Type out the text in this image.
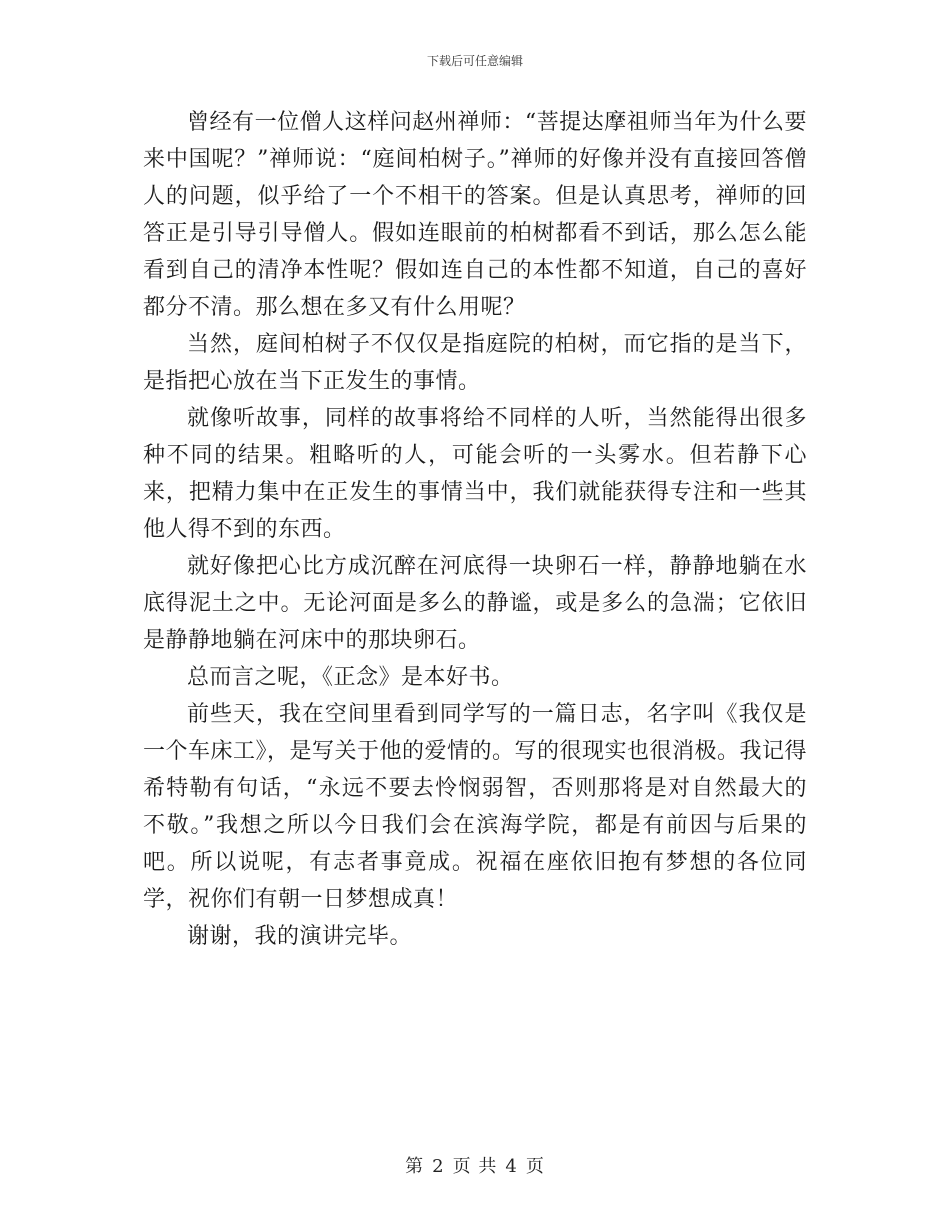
下载后可任意编辑

曾经有一位僧人这样问赵州禅师：“菩提达摩祖师当年为什么要来中国呢？”禅师说：“庭间柏树子。”禅师的好像并没有直接回答僧人的问题，似乎给了一个不相干的答案。但是认真思考，禅师的回答正是引导引导僧人。假如连眼前的柏树都看不到话，那么怎么能看到自己的清净本性呢？假如连自己的本性都不知道，自己的喜好都分不清。那么想在多又有什么用呢？

当然，庭间柏树子不仅仅是指庭院的柏树，而它指的是当下，是指把心放在当下正发生的事情。

就像听故事，同样的故事将给不同样的人听，当然能得出很多种不同的结果。粗略听的人，可能会听的一头雾水。但若静下心来，把精力集中在正发生的事情当中，我们就能获得专注和一些其他人得不到的东西。

就好像把心比方成沉醉在河底得一块卵石一样，静静地躺在水底得泥土之中。无论河面是多么的静谧，或是多么的急湍；它依旧是静静地躺在河床中的那块卵石。

总而言之呢，《正念》是本好书。

前些天，我在空间里看到同学写的一篇日志，名字叫《我仅是一个车床工》，是写关于他的爱情的。写的很现实也很消极。我记得希特勒有句话，“永远不要去怜悯弱智，否则那将是对自然最大的不敬。”我想之所以今日我们会在滨海学院，都是有前因与后果的吧。所以说呢，有志者事竟成。祝福在座依旧抱有梦想的各位同学，祝你们有朝一日梦想成真！

谢谢，我的演讲完毕。

第 2 页 共 4 页
